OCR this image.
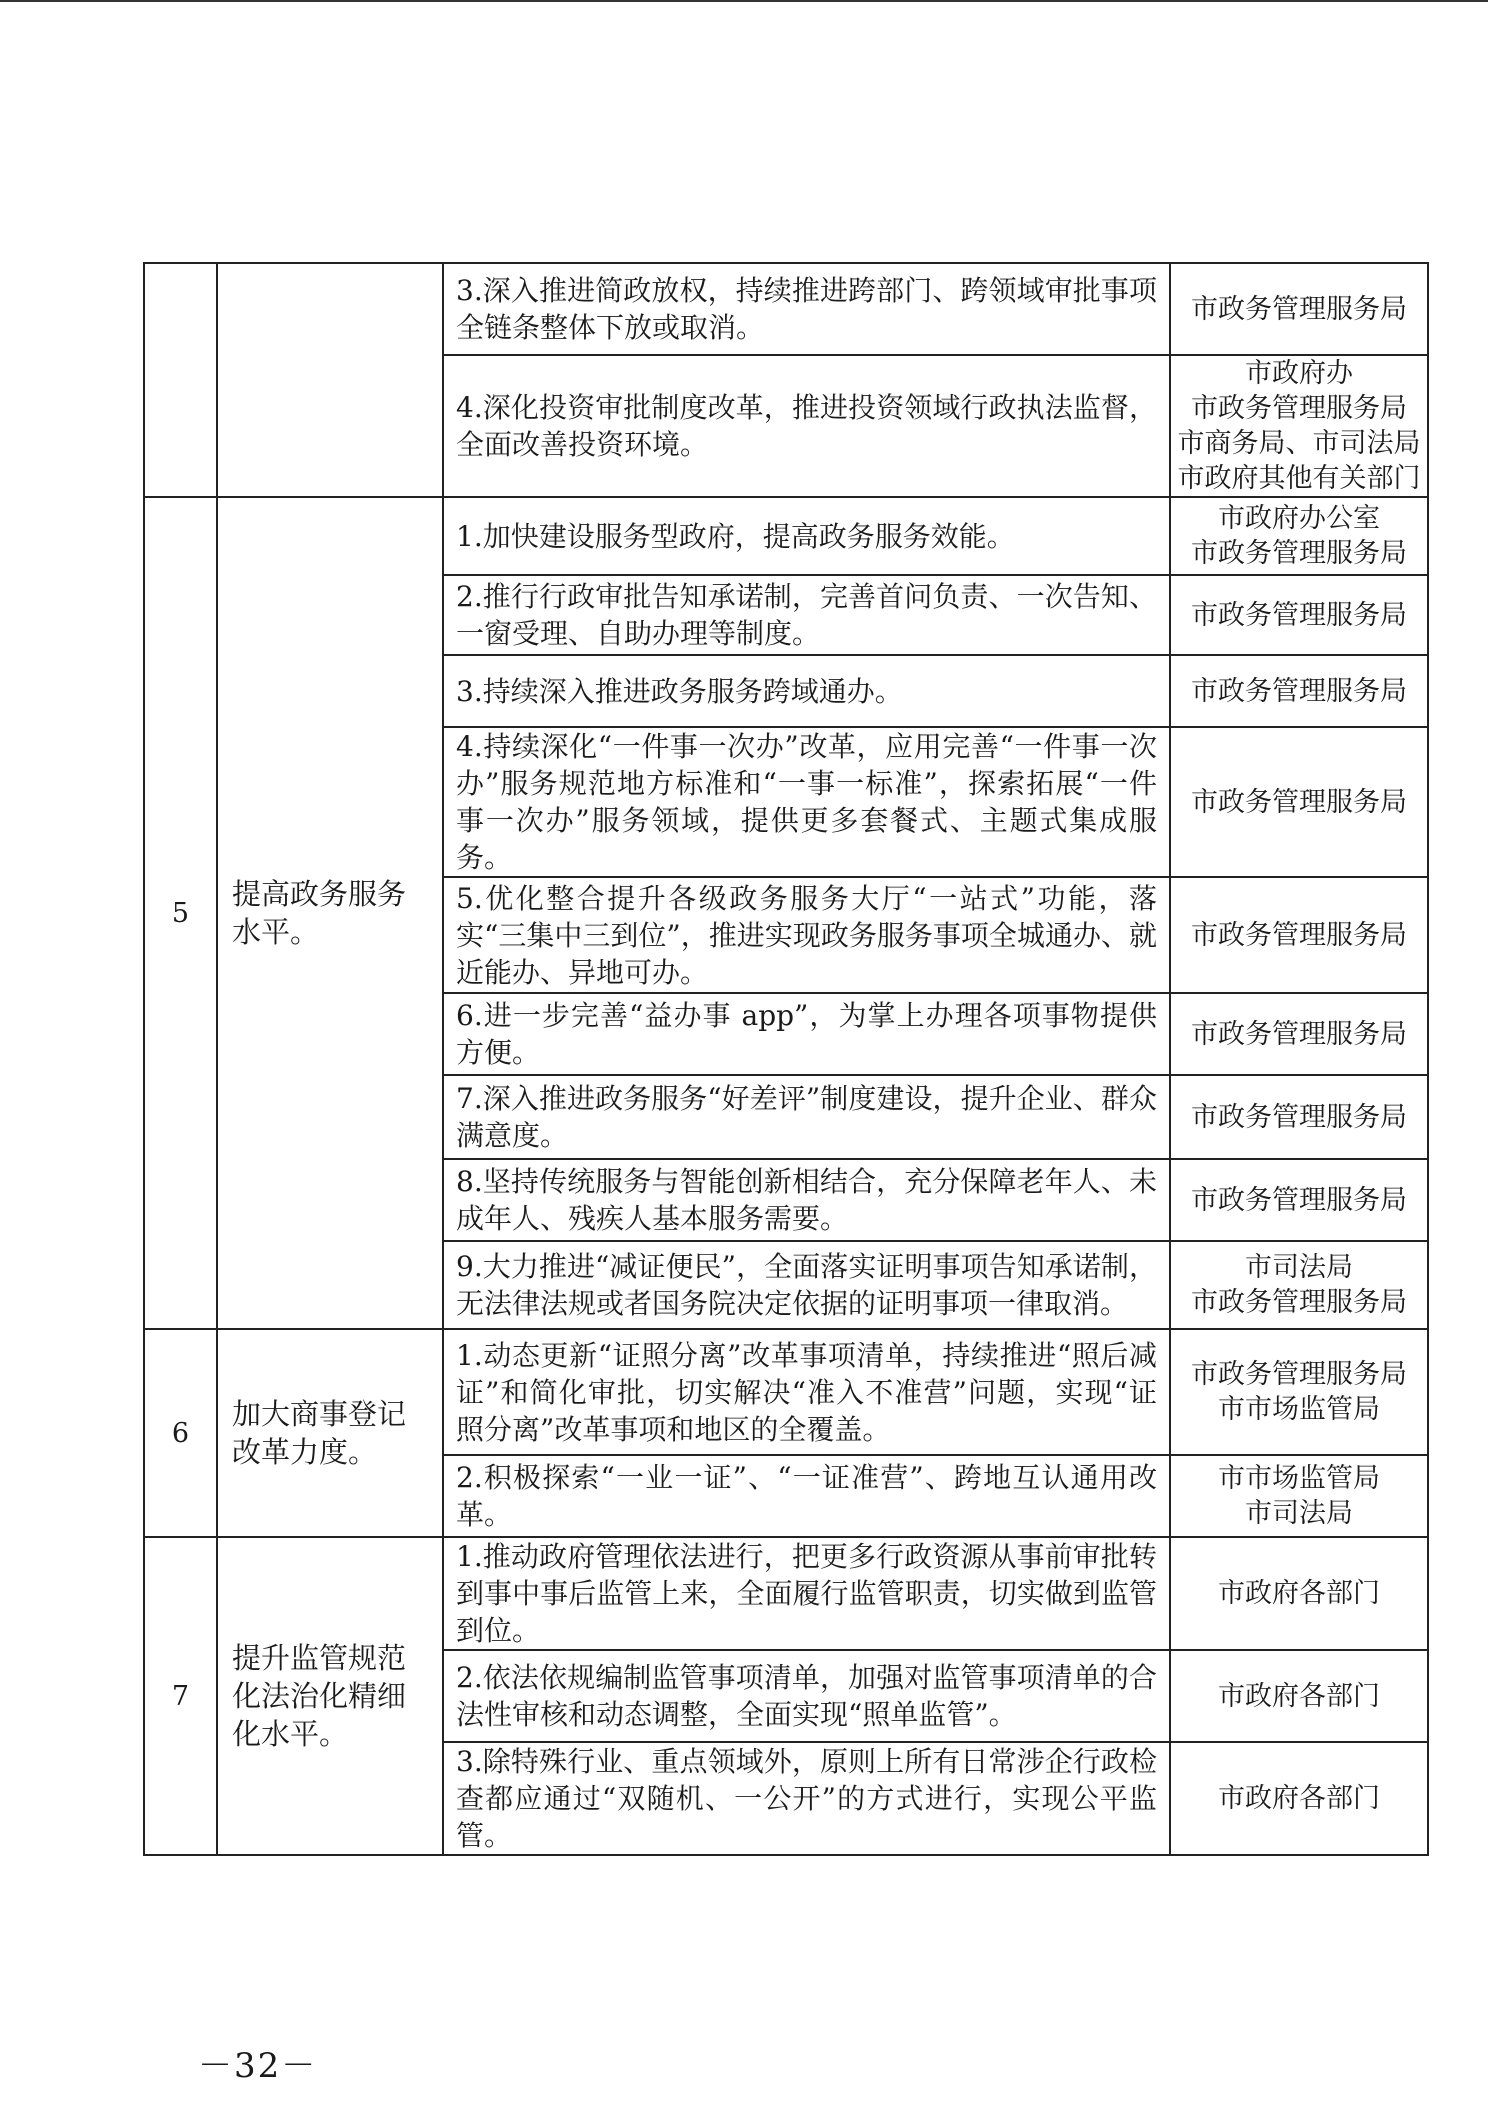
		3.深入推进简政放权，持续推进跨部门、跨领域审批事项全链条整体下放或取消。	市政务管理服务局

		4.深化投资审批制度改革，推进投资领域行政执法监督，全面改善投资环境。	市政府办
市政务管理服务局
市商务局、市司法局
市政府其他有关部门

5	提高政务服务水平。	1.加快建设服务型政府，提高政务服务效能。	市政府办公室
市政务管理服务局

		2.推行行政审批告知承诺制，完善首问负责、一次告知、一窗受理、自助办理等制度。	市政务管理服务局

		3.持续深入推进政务服务跨域通办。	市政务管理服务局

		4.持续深化“一件事一次办”改革，应用完善“一件事一次办”服务规范地方标准和“一事一标准”，探索拓展“一件事一次办”服务领域，提供更多套餐式、主题式集成服务。	市政务管理服务局

		5.优化整合提升各级政务服务大厅“一站式”功能，落实“三集中三到位”，推进实现政务服务事项全城通办、就近能办、异地可办。	市政务管理服务局

		6.进一步完善“益办事 app”，为掌上办理各项事物提供方便。	市政务管理服务局

		7.深入推进政务服务“好差评”制度建设，提升企业、群众满意度。	市政务管理服务局

		8.坚持传统服务与智能创新相结合，充分保障老年人、未成年人、残疾人基本服务需要。	市政务管理服务局

		9.大力推进“减证便民”，全面落实证明事项告知承诺制，无法律法规或者国务院决定依据的证明事项一律取消。	市司法局
市政务管理服务局

6	加大商事登记改革力度。	1.动态更新“证照分离”改革事项清单，持续推进“照后减证”和简化审批，切实解决“准入不准营”问题，实现“证照分离”改革事项和地区的全覆盖。	市政务管理服务局
市市场监管局

		2.积极探索“一业一证”、“一证准营”、跨地互认通用改革。	市市场监管局
市司法局

7	提升监管规范化法治化精细化水平。	1.推动政府管理依法进行，把更多行政资源从事前审批转到事中事后监管上来，全面履行监管职责，切实做到监管到位。	市政府各部门

		2.依法依规编制监管事项清单，加强对监管事项清单的合法性审核和动态调整，全面实现“照单监管”。	市政府各部门

		3.除特殊行业、重点领域外，原则上所有日常涉企行政检查都应通过“双随机、一公开”的方式进行，实现公平监管。	市政府各部门
－32－
